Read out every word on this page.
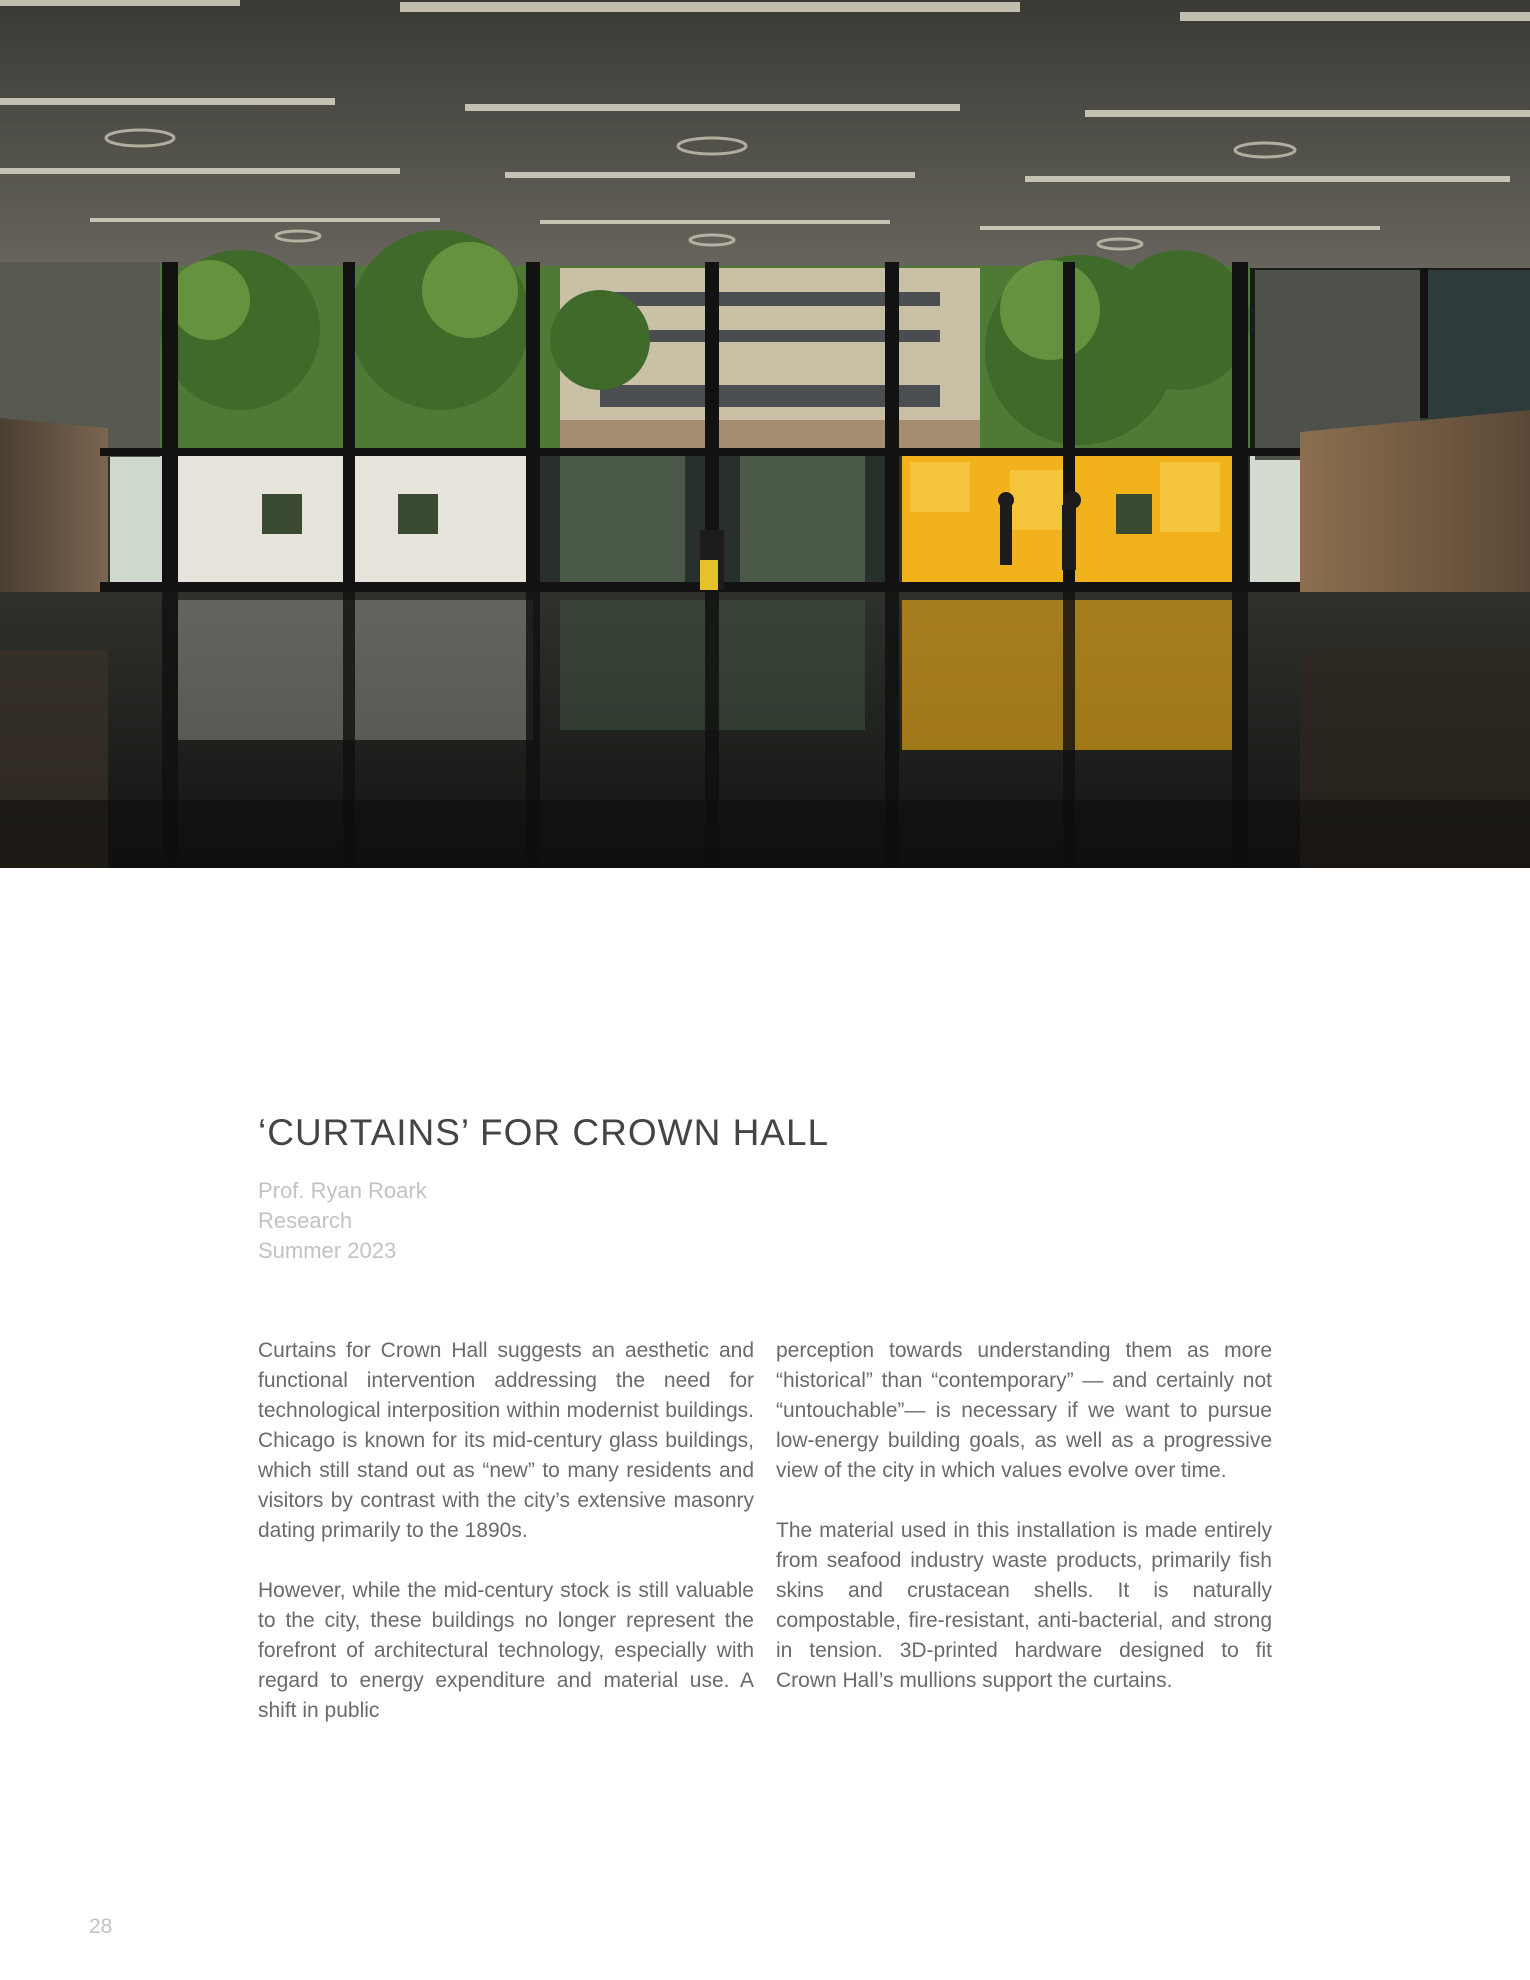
‘CURTAINS’ FOR CROWN HALL
Prof. Ryan Roark
Research
Summer 2023

Curtains for Crown Hall suggests an aesthetic and functional intervention addressing the need for technological interposition within modernist buildings. Chicago is known for its mid-century glass buildings, which still stand out as “new” to many residents and visitors by contrast with the city’s extensive masonry dating primarily to the 1890s.

However, while the mid-century stock is still valuable to the city, these buildings no longer represent the forefront of architectural technology, especially with regard to energy expenditure and material use. A shift in public

perception towards understanding them as more “historical” than “contemporary” — and certainly not “untouchable”— is necessary if we want to pursue low-energy building goals, as well as a progressive view of the city in which values evolve over time.

The material used in this installation is made entirely from seafood industry waste products, primarily fish skins and crustacean shells. It is naturally compostable, fire-resistant, anti-bacterial, and strong in tension. 3D-printed hardware designed to fit Crown Hall’s mullions support the curtains.

28
